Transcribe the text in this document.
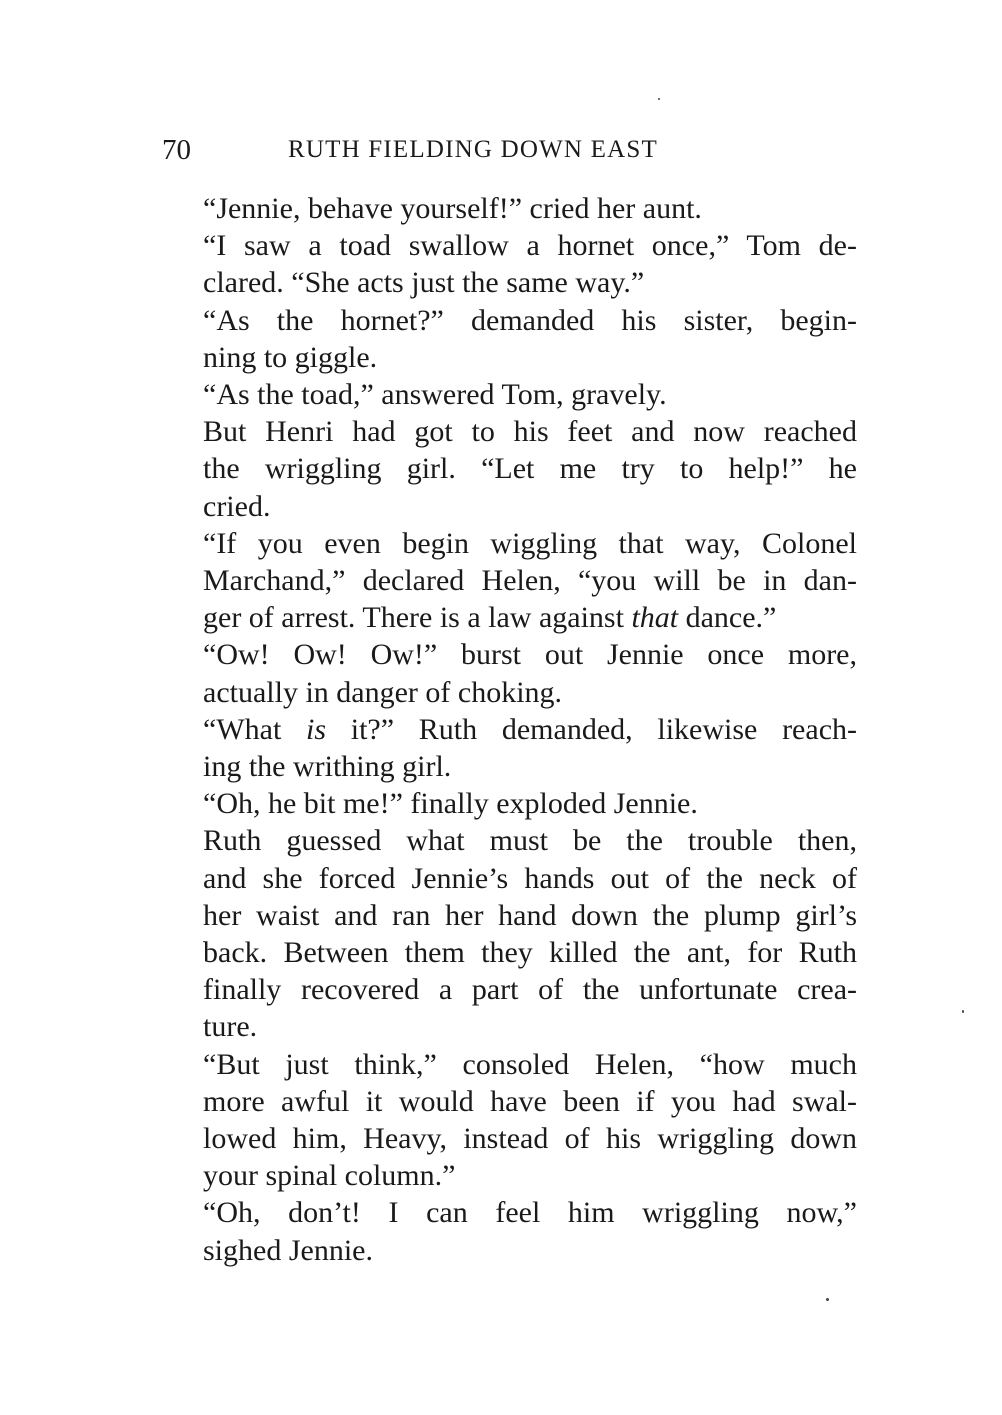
70	RUTH FIELDING DOWN EAST

“Jennie, behave yourself!” cried her aunt.

“I saw a toad swallow a hornet once,” Tom de-
clared. “She acts just the same way.”

“As the hornet?” demanded his sister, begin-
ning to giggle.

“As the toad,” answered Tom, gravely.

But Henri had got to his feet and now reached
the wriggling girl. “Let me try to help!” he
cried.

“If you even begin wiggling that way, Colonel
Marchand,” declared Helen, “you will be in dan-
ger of arrest. There is a law against that dance.”

“Ow! Ow! Ow!” burst out Jennie once more,
actually in danger of choking.

“What is it?” Ruth demanded, likewise reach-
ing the writhing girl.

“Oh, he bit me!” finally exploded Jennie.

Ruth guessed what must be the trouble then,
and she forced Jennie’s hands out of the neck of
her waist and ran her hand down the plump girl’s
back. Between them they killed the ant, for Ruth
finally recovered a part of the unfortunate crea-
ture.

“But just think,” consoled Helen, “how much
more awful it would have been if you had swal-
lowed him, Heavy, instead of his wriggling down
your spinal column.”

“Oh, don’t! I can feel him wriggling now,”
sighed Jennie.
